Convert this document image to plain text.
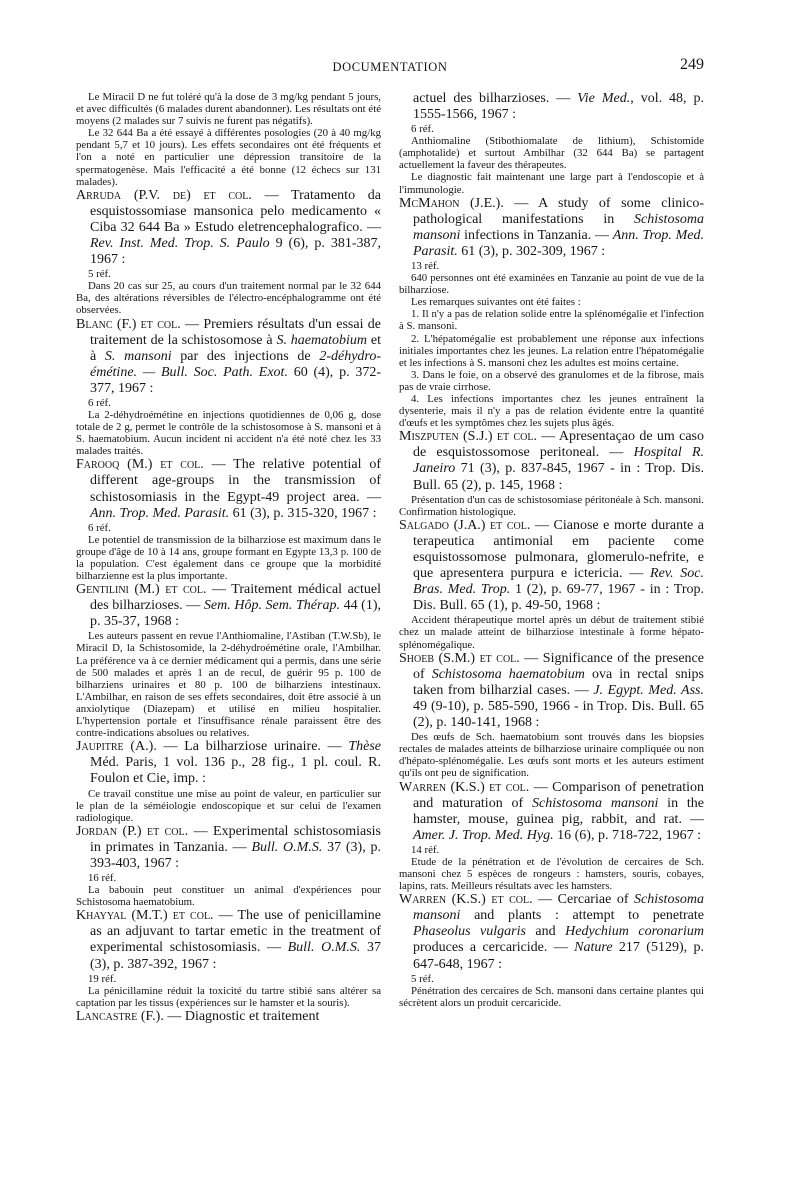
DOCUMENTATION	249

Le Miracil D ne fut toléré qu'à la dose de 3 mg/kg pendant 5 jours, et avec difficultés (6 malades durent abandonner). Les résultats ont été moyens (2 malades sur 7 suivis ne furent pas négatifs).

Le 32 644 Ba a été essayé à différentes posologies (20 à 40 mg/kg pendant 5,7 et 10 jours). Les effets secondaires ont été fréquents et l'on a noté en particulier une dépression transitoire de la spermatogenèse. Mais l'efficacité a été bonne (12 échecs sur 131 malades).

Arruda (P.V. de) et col. — Tratamento da esquistossomiase mansonica pelo medicamento « Ciba 32 644 Ba » Estudo eletrencephalografico. — Rev. Inst. Med. Trop. S. Paulo 9 (6), p. 381-387, 1967 :

5 réf.

Dans 20 cas sur 25, au cours d'un traitement normal par le 32 644 Ba, des altérations réversibles de l'électro-encéphalogramme ont été observées.

Blanc (F.) et col. — Premiers résultats d'un essai de traitement de la schistosomose à S. haematobium et à S. mansoni par des injections de 2-déhydro-émétine. — Bull. Soc. Path. Exot. 60 (4), p. 372-377, 1967 :

6 réf.

La 2-déhydroémétine en injections quotidiennes de 0,06 g, dose totale de 2 g, permet le contrôle de la schistosomose à S. mansoni et à S. haematobium. Aucun incident ni accident n'a été noté chez les 33 malades traités.

Farooq (M.) et col. — The relative potential of different age-groups in the transmission of schistosomiasis in the Egypt-49 project area. — Ann. Trop. Med. Parasit. 61 (3), p. 315-320, 1967 :

6 réf.

Le potentiel de transmission de la bilharziose est maximum dans le groupe d'âge de 10 à 14 ans, groupe formant en Egypte 13,3 p. 100 de la population. C'est également dans ce groupe que la morbidité bilharzienne est la plus importante.

Gentilini (M.) et col. — Traitement médical actuel des bilharzioses. — Sem. Hôp. Sem. Thérap. 44 (1), p. 35-37, 1968 :

Les auteurs passent en revue l'Anthiomaline, l'Astiban (T.W.Sb), le Miracil D, la Schistosomide, la 2-déhydroémétine orale, l'Ambilhar. La préférence va à ce dernier médicament qui a permis, dans une série de 500 malades et après 1 an de recul, de guérir 95 p. 100 de bilharziens urinaires et 80 p. 100 de bilharziens intestinaux. L'Ambilhar, en raison de ses effets secondaires, doit être associé à un anxiolytique (Diazepam) et utilisé en milieu hospitalier. L'hypertension portale et l'insuffisance rénale paraissent être des contre-indications absolues ou relatives.

Jaupitre (A.). — La bilharziose urinaire. — Thèse Méd. Paris, 1 vol. 136 p., 28 fig., 1 pl. coul. R. Foulon et Cie, imp. :

Ce travail constitue une mise au point de valeur, en particulier sur le plan de la séméiologie endoscopique et sur celui de l'examen radiologique.

Jordan (P.) et col. — Experimental schistosomiasis in primates in Tanzania. — Bull. O.M.S. 37 (3), p. 393-403, 1967 :

16 réf.

La babouin peut constituer un animal d'expériences pour Schistosoma haematobium.

Khayyal (M.T.) et col. — The use of penicillamine as an adjuvant to tartar emetic in the treatment of experimental schistosomiasis. — Bull. O.M.S. 37 (3), p. 387-392, 1967 :

19 réf.

La pénicillamine réduit la toxicité du tartre stibié sans altérer sa captation par les tissus (expériences sur le hamster et la souris).

Lancastre (F.). — Diagnostic et traitement

actuel des bilharzioses. — Vie Med., vol. 48, p. 1555-1566, 1967 :

6 réf.

Anthiomaline (Stibothiomalate de lithium), Schistomide (amphotalide) et surtout Ambilhar (32 644 Ba) se partagent actuellement la faveur des thérapeutes.

Le diagnostic fait maintenant une large part à l'endoscopie et à l'immunologie.

McMahon (J.E.). — A study of some clinico-pathological manifestations in Schistosoma mansoni infections in Tanzania. — Ann. Trop. Med. Parasit. 61 (3), p. 302-309, 1967 :

13 réf.

640 personnes ont été examinées en Tanzanie au point de vue de la bilharziose.

Les remarques suivantes ont été faites :

1. Il n'y a pas de relation solide entre la splénomégalie et l'infection à S. mansoni.

2. L'hépatomégalie est probablement une réponse aux infections initiales importantes chez les jeunes. La relation entre l'hépatomégalie et les infections à S. mansoni chez les adultes est moins certaine.

3. Dans le foie, on a observé des granulomes et de la fibrose, mais pas de vraie cirrhose.

4. Les infections importantes chez les jeunes entraînent la dysenterie, mais il n'y a pas de relation évidente entre la quantité d'œufs et les symptômes chez les sujets plus âgés.

Miszputen (S.J.) et col. — Apresentaçao de um caso de esquistossomose peritoneal. — Hospital R. Janeiro 71 (3), p. 837-845, 1967 - in : Trop. Dis. Bull. 65 (2), p. 145, 1968 :

Présentation d'un cas de schistosomiase péritonéale à Sch. mansoni. Confirmation histologique.

Salgado (J.A.) et col. — Cianose e morte durante a terapeutica antimonial em paciente come esquistossomose pulmonara, glomerulo-nefrite, e que apresentera purpura e ictericia. — Rev. Soc. Bras. Med. Trop. 1 (2), p. 69-77, 1967 - in : Trop. Dis. Bull. 65 (1), p. 49-50, 1968 :

Accident thérapeutique mortel après un début de traitement stibié chez un malade atteint de bilharziose intestinale à forme hépato-splénomégalique.

Shoeb (S.M.) et col. — Significance of the presence of Schistosoma haematobium ova in rectal snips taken from bilharzial cases. — J. Egypt. Med. Ass. 49 (9-10), p. 585-590, 1966 - in Trop. Dis. Bull. 65 (2), p. 140-141, 1968 :

Des œufs de Sch. haematobium sont trouvés dans les biopsies rectales de malades atteints de bilharziose urinaire compliquée ou non d'hépato-splénomégalie. Les œufs sont morts et les auteurs estiment qu'ils ont peu de signification.

Warren (K.S.) et col. — Comparison of penetration and maturation of Schistosoma mansoni in the hamster, mouse, guinea pig, rabbit, and rat. — Amer. J. Trop. Med. Hyg. 16 (6), p. 718-722, 1967 :

14 réf.

Etude de la pénétration et de l'évolution de cercaires de Sch. mansoni chez 5 espèces de rongeurs : hamsters, souris, cobayes, lapins, rats. Meilleurs résultats avec les hamsters.

Warren (K.S.) et col. — Cercariae of Schistosoma mansoni and plants : attempt to penetrate Phaseolus vulgaris and Hedychium coronarium produces a cercaricide. — Nature 217 (5129), p. 647-648, 1967 :

5 réf.

Pénétration des cercaires de Sch. mansoni dans certaine plantes qui sécrètent alors un produit cercaricide.
